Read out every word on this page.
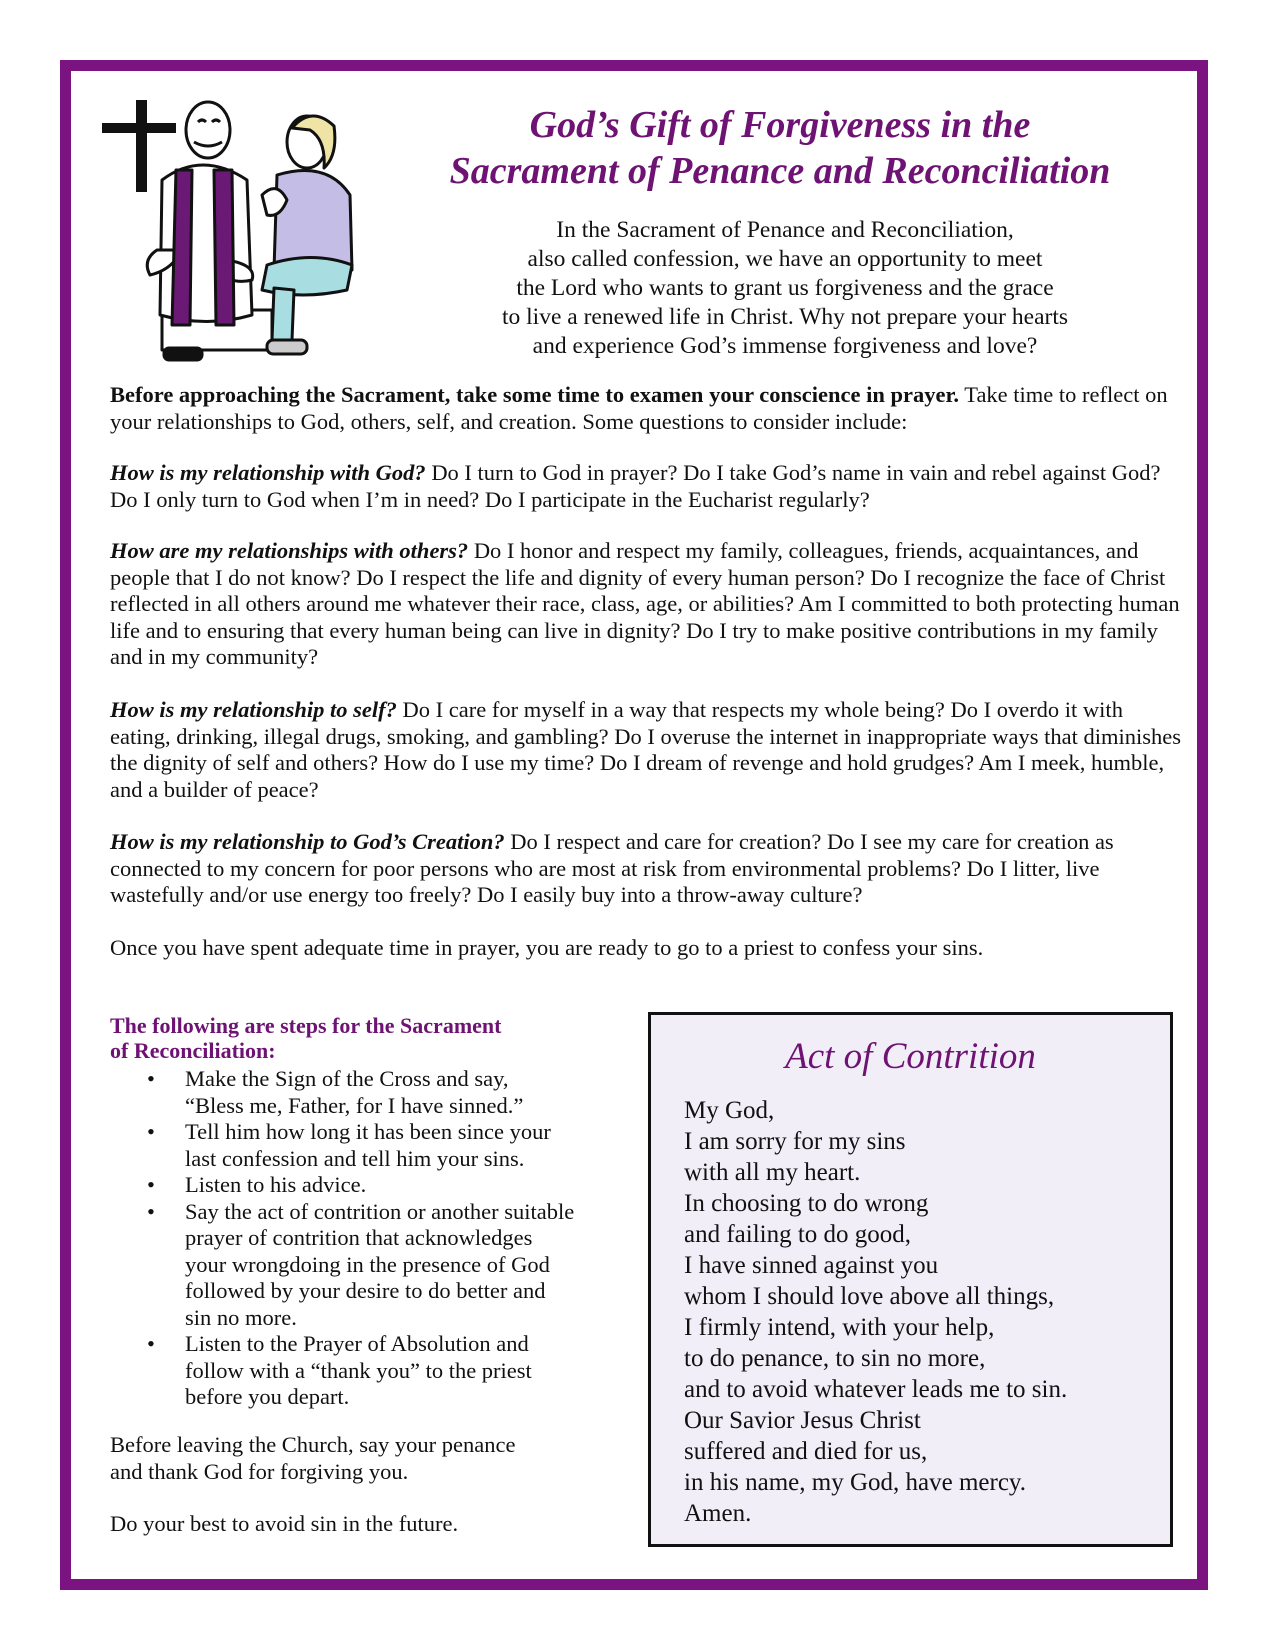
God’s Gift of Forgiveness in the
Sacrament of Penance and Reconciliation

In the Sacrament of Penance and Reconciliation,
also called confession, we have an opportunity to meet
the Lord who wants to grant us forgiveness and the grace
to live a renewed life in Christ. Why not prepare your hearts
and experience God’s immense forgiveness and love?

Before approaching the Sacrament, take some time to examen your conscience in prayer. Take time to reflect on your relationships to God, others, self, and creation. Some questions to consider include:

How is my relationship with God? Do I turn to God in prayer? Do I take God’s name in vain and rebel against God? Do I only turn to God when I’m in need? Do I participate in the Eucharist regularly?

How are my relationships with others? Do I honor and respect my family, colleagues, friends, acquaintances, and people that I do not know? Do I respect the life and dignity of every human person? Do I recognize the face of Christ reflected in all others around me whatever their race, class, age, or abilities? Am I committed to both protecting human life and to ensuring that every human being can live in dignity? Do I try to make positive contributions in my family and in my community?

How is my relationship to self? Do I care for myself in a way that respects my whole being? Do I overdo it with eating, drinking, illegal drugs, smoking, and gambling? Do I overuse the internet in inappropriate ways that diminishes the dignity of self and others? How do I use my time? Do I dream of revenge and hold grudges? Am I meek, humble, and a builder of peace?

How is my relationship to God’s Creation? Do I respect and care for creation? Do I see my care for creation as connected to my concern for poor persons who are most at risk from environmental problems? Do I litter, live wastefully and/or use energy too freely? Do I easily buy into a throw-away culture?

Once you have spent adequate time in prayer, you are ready to go to a priest to confess your sins.

The following are steps for the Sacrament
of Reconciliation:
• Make the Sign of the Cross and say,
“Bless me, Father, for I have sinned.”
• Tell him how long it has been since your
last confession and tell him your sins.
• Listen to his advice.
• Say the act of contrition or another suitable
prayer of contrition that acknowledges
your wrongdoing in the presence of God
followed by your desire to do better and
sin no more.
• Listen to the Prayer of Absolution and
follow with a “thank you” to the priest
before you depart.

Before leaving the Church, say your penance
and thank God for forgiving you.

Do your best to avoid sin in the future.

Act of Contrition
My God,
I am sorry for my sins
with all my heart.
In choosing to do wrong
and failing to do good,
I have sinned against you
whom I should love above all things,
I firmly intend, with your help,
to do penance, to sin no more,
and to avoid whatever leads me to sin.
Our Savior Jesus Christ
suffered and died for us,
in his name, my God, have mercy.
Amen.
